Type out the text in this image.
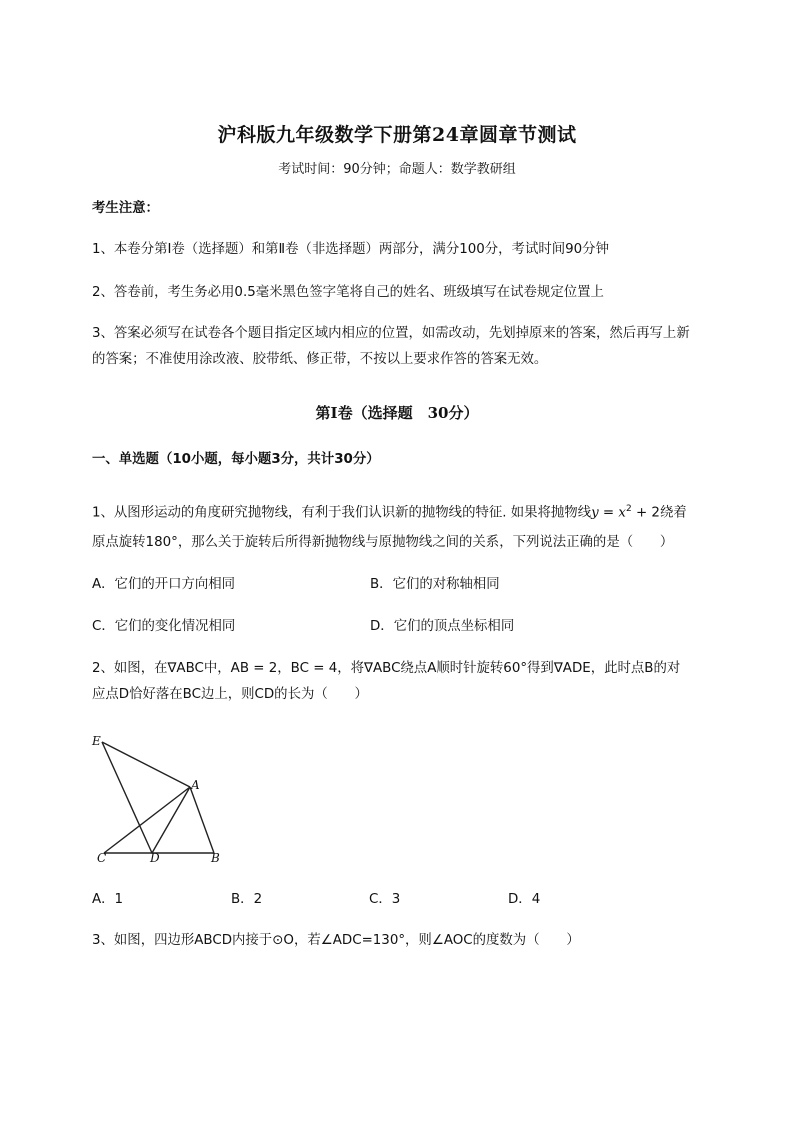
沪科版九年级数学下册第24章圆章节测试
考试时间：90分钟；命题人：数学教研组
考生注意：
1、本卷分第I卷（选择题）和第Ⅱ卷（非选择题）两部分，满分100分，考试时间90分钟
2、答卷前，考生务必用0.5毫米黑色签字笔将自己的姓名、班级填写在试卷规定位置上
3、答案必须写在试卷各个题目指定区域内相应的位置，如需改动，先划掉原来的答案，然后再写上新
的答案；不准使用涂改液、胶带纸、修正带，不按以上要求作答的答案无效。
第I卷（选择题　30分）
一、单选题（10小题，每小题3分，共计30分）
1、从图形运动的角度研究抛物线，有利于我们认识新的抛物线的特征. 如果将抛物线$y = x^2 + 2$绕着
原点旋转180°，那么关于旋转后所得新抛物线与原抛物线之间的关系，下列说法正确的是（　　）
A．它们的开口方向相同	B．它们的对称轴相同
C．它们的变化情况相同	D．它们的顶点坐标相同
2、如图，在∇ABC中，AB = 2，BC = 4，将∇ABC绕点A顺时针旋转60°得到∇ADE，此时点B的对
应点D恰好落在BC边上，则CD的长为（　　）
E
A
C	D	B
A．1	B．2	C．3	D．4
3、如图，四边形ABCD内接于⊙O，若∠ADC=130°，则∠AOC的度数为（　　）
